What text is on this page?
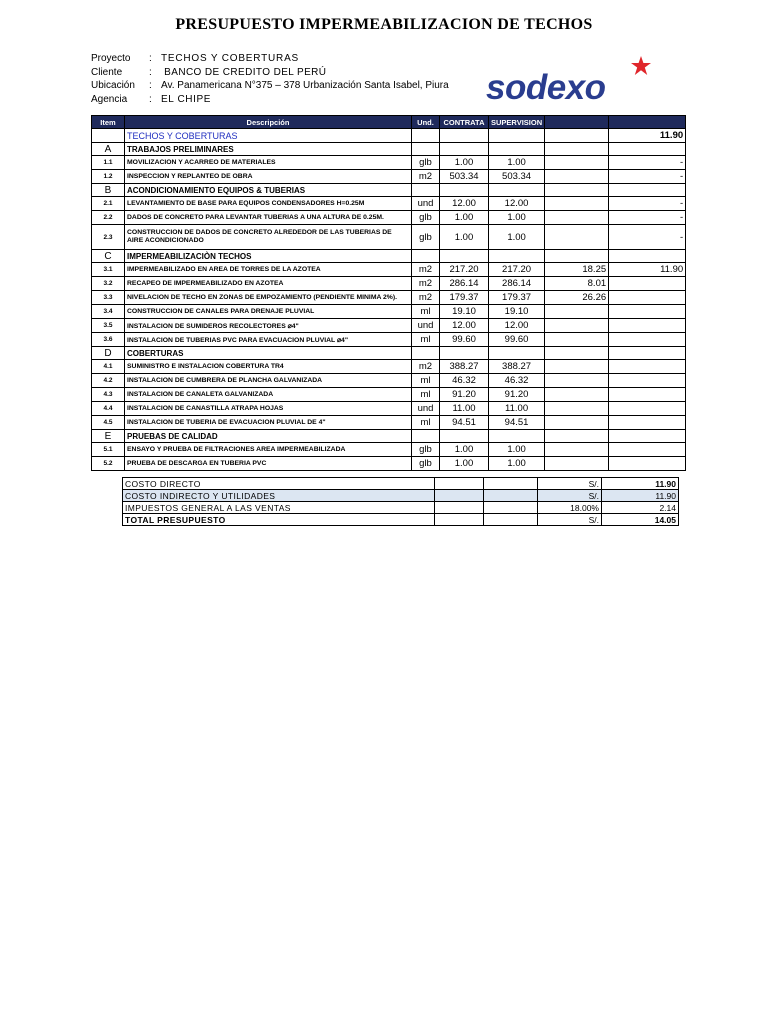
PRESUPUESTO IMPERMEABILIZACION DE TECHOS
Proyecto	: TECHOS Y COBERTURAS
Cliente	: BANCO DE CREDITO DEL PERÚ
Ubicación	: Av. Panamericana N°375 – 378 Urbanización Santa Isabel, Piura
Agencia	: EL CHIPE	sodexo
Item	Descripción	Und.	CONTRATA	SUPERVISION		
	TECHOS Y COBERTURAS					11.90
A	TRABAJOS PRELIMINARES					
1.1	MOVILIZACION Y ACARREO DE MATERIALES	glb	1.00	1.00		-
1.2	INSPECCION Y REPLANTEO DE OBRA	m2	503.34	503.34		-
B	ACONDICIONAMIENTO EQUIPOS & TUBERIAS					
2.1	LEVANTAMIENTO DE BASE PARA EQUIPOS CONDENSADORES H=0.25M	und	12.00	12.00		-
2.2	DADOS DE CONCRETO PARA LEVANTAR TUBERIAS A UNA ALTURA DE 0.25M.	glb	1.00	1.00		-
2.3	CONSTRUCCION DE DADOS DE CONCRETO ALREDEDOR DE LAS TUBERIAS DE AIRE ACONDICIONADO	glb	1.00	1.00		-
C	IMPERMEABILIZACIÒN TECHOS					
3.1	IMPERMEABILIZADO EN AREA DE TORRES DE LA AZOTEA	m2	217.20	217.20	18.25	11.90
3.2	RECAPEO DE IMPERMEABILIZADO EN AZOTEA	m2	286.14	286.14	8.01	
3.3	NIVELACION DE TECHO EN ZONAS DE EMPOZAMIENTO (PENDIENTE MINIMA 2%).	m2	179.37	179.37	26.26	
3.4	CONSTRUCCION DE CANALES PARA DRENAJE PLUVIAL	ml	19.10	19.10		
3.5	INSTALACION DE SUMIDEROS RECOLECTORES ⌀4"	und	12.00	12.00		
3.6	INSTALACION DE TUBERIAS PVC PARA EVACUACION PLUVIAL ⌀4"	ml	99.60	99.60		
D	COBERTURAS					
4.1	SUMINISTRO E INSTALACION COBERTURA TR4	m2	388.27	388.27		
4.2	INSTALACION DE CUMBRERA DE PLANCHA GALVANIZADA	ml	46.32	46.32		
4.3	INSTALACION DE CANALETA GALVANIZADA	ml	91.20	91.20		
4.4	INSTALACION DE CANASTILLA ATRAPA HOJAS	und	11.00	11.00		
4.5	INSTALACION DE TUBERIA DE EVACUACION PLUVIAL DE 4"	ml	94.51	94.51		
E	PRUEBAS DE CALIDAD					
5.1	ENSAYO Y PRUEBA DE FILTRACIONES AREA IMPERMEABILIZADA	glb	1.00	1.00		
5.2	PRUEBA DE DESCARGA EN TUBERIA PVC	glb	1.00	1.00		
COSTO DIRECTO			S/.	11.90
COSTO INDIRECTO Y UTILIDADES			S/.	11.90
IMPUESTOS GENERAL A LAS VENTAS			18.00%	2.14
TOTAL PRESUPUESTO			S/.	14.05
